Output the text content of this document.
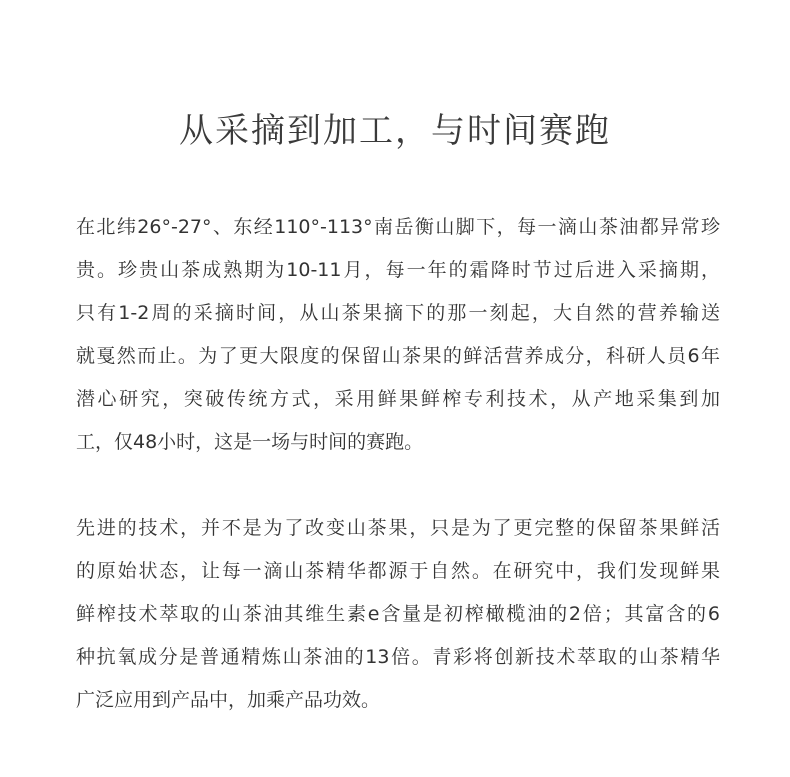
从采摘到加工，与时间赛跑
在北纬26°-27°、东经110°-113°南岳衡山脚下，每一滴山茶油都异常珍
贵。珍贵山茶成熟期为10-11月，每一年的霜降时节过后进入采摘期，
只有1-2周的采摘时间，从山茶果摘下的那一刻起，大自然的营养输送
就戛然而止。为了更大限度的保留山茶果的鲜活营养成分，科研人员6年
潜心研究，突破传统方式，采用鲜果鲜榨专利技术，从产地采集到加
工，仅48小时，这是一场与时间的赛跑。
先进的技术，并不是为了改变山茶果，只是为了更完整的保留茶果鲜活
的原始状态，让每一滴山茶精华都源于自然。在研究中，我们发现鲜果
鲜榨技术萃取的山茶油其维生素e含量是初榨橄榄油的2倍；其富含的6
种抗氧成分是普通精炼山茶油的13倍。青彩将创新技术萃取的山茶精华
广泛应用到产品中，加乘产品功效。
